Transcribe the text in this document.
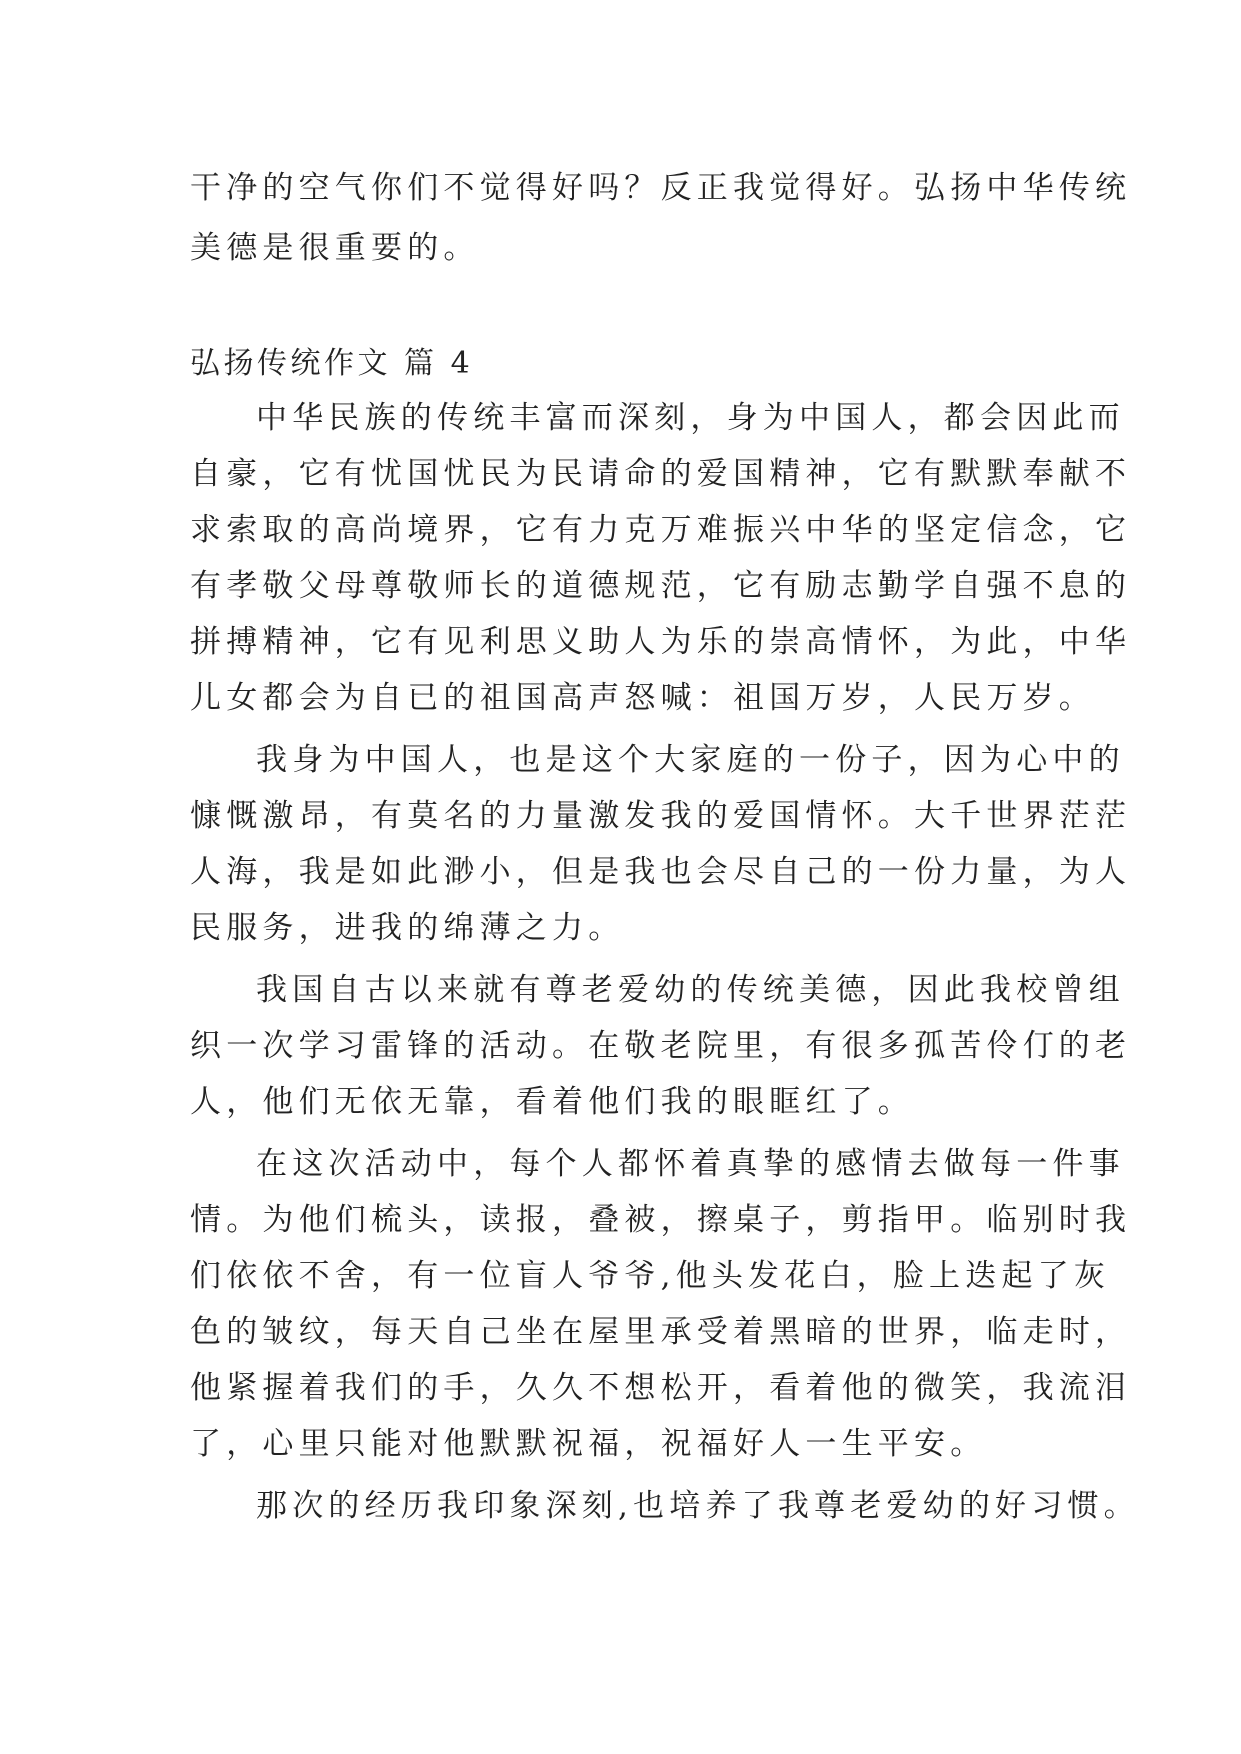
干净的空气你们不觉得好吗？反正我觉得好。弘扬中华传统
美德是很重要的。
弘扬传统作文 篇 4
中华民族的传统丰富而深刻，身为中国人，都会因此而
自豪，它有忧国忧民为民请命的爱国精神，它有默默奉献不
求索取的高尚境界，它有力克万难振兴中华的坚定信念，它
有孝敬父母尊敬师长的道德规范，它有励志勤学自强不息的
拼搏精神，它有见利思义助人为乐的崇高情怀，为此，中华
儿女都会为自已的祖国高声怒喊：祖国万岁，人民万岁。
我身为中国人，也是这个大家庭的一份子，因为心中的
慷慨激昂，有莫名的力量激发我的爱国情怀。大千世界茫茫
人海，我是如此渺小，但是我也会尽自己的一份力量，为人
民服务，进我的绵薄之力。
我国自古以来就有尊老爱幼的传统美德，因此我校曾组
织一次学习雷锋的活动。在敬老院里，有很多孤苦伶仃的老
人，他们无依无靠，看着他们我的眼眶红了。
在这次活动中，每个人都怀着真挚的感情去做每一件事
情。为他们梳头，读报，叠被，擦桌子，剪指甲。临别时我
们依依不舍，有一位盲人爷爷,他头发花白，脸上迭起了灰
色的皱纹，每天自己坐在屋里承受着黑暗的世界，临走时，
他紧握着我们的手，久久不想松开，看着他的微笑，我流泪
了，心里只能对他默默祝福，祝福好人一生平安。
那次的经历我印象深刻,也培养了我尊老爱幼的好习惯。
